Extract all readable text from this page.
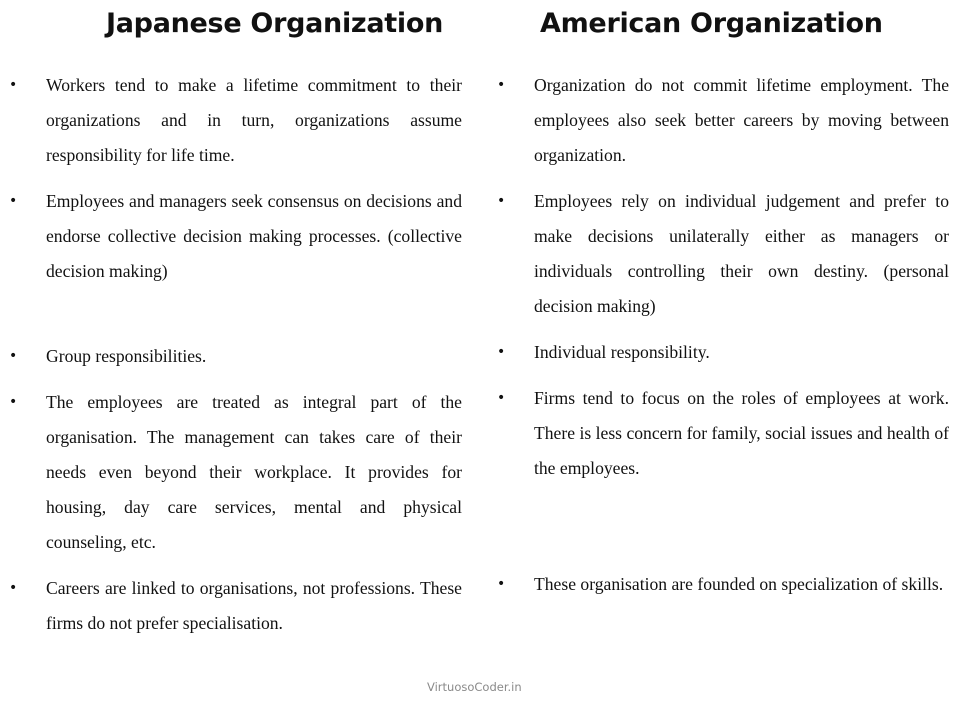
Japanese Organization	American Organization
• Workers tend to make a lifetime commitment to their organizations and in turn, organizations assume responsibility for life time.
• Employees and managers seek consensus on decisions and endorse collective decision making processes. (collective decision making)
• Group responsibilities.
• The employees are treated as integral part of the organisation. The management can takes care of their needs even beyond their workplace. It provides for housing, day care services, mental and physical counseling, etc.
• Careers are linked to organisations, not professions. These firms do not prefer specialisation.
• Organization do not commit lifetime employment. The employees also seek better careers by moving between organization.
• Employees rely on individual judgement and prefer to make decisions unilaterally either as managers or individuals controlling their own destiny. (personal decision making)
• Individual responsibility.
• Firms tend to focus on the roles of employees at work. There is less concern for family, social issues and health of the employees.
• These organisation are founded on specialization of skills.
VirtuosoCoder.in
